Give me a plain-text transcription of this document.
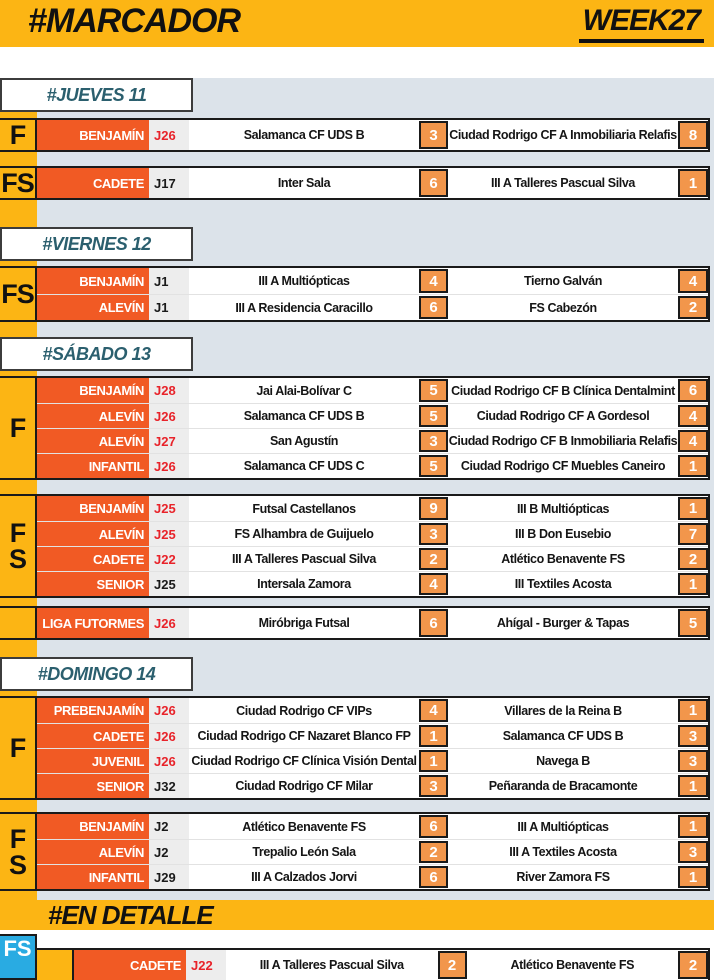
#MARCADOR	WEEK27
#JUEVES 11
F	BENJAMÍN J26	Salamanca CF UDS B	3 Ciudad Rodrigo CF A Inmobiliaria Relafis 8
FS	CADETE J17	Inter Sala	6	III A Talleres Pascual Silva	1
#VIERNES 12
FS	BENJAMÍN J1	III A Multiópticas	4	Tierno Galván	4
ALEVÍN J1	III A Residencia Caracillo	6	FS Cabezón	2
#SÁBADO 13
F
BENJAMÍN J28	Jai Alai-Bolívar C	5	Ciudad Rodrigo CF B Clínica Dentalmint 6
ALEVÍN J26	Salamanca CF UDS B	5	Ciudad Rodrigo CF A Gordesol	4
ALEVÍN J27	San Agustín	3 Ciudad Rodrigo CF B Inmobiliaria Relafis 4
INFANTIL J26	Salamanca CF UDS C	5	Ciudad Rodrigo CF Muebles Caneiro	1
F
S
BENJAMÍN J25	Futsal Castellanos	9	III B Multiópticas	1
ALEVÍN J25	FS Alhambra de Guijuelo	3	III B Don Eusebio	7
CADETE J22	III A Talleres Pascual Silva	2	Atlético Benavente FS	2
SENIOR J25	Intersala Zamora	4	III Textiles Acosta	1
LIGA FUTORMES J26	Miróbriga Futsal	6	Ahígal - Burger & Tapas	5
#DOMINGO 14
F
PREBENJAMÍN J26	Ciudad Rodrigo CF VIPs	4	Villares de la Reina B	1
CADETE J26	Ciudad Rodrigo CF Nazaret Blanco FP	1	Salamanca CF UDS B	3
JUVENIL J26	Ciudad Rodrigo CF Clínica Visión Dental 1	Navega B	3
SENIOR J32	Ciudad Rodrigo CF Milar	3	Peñaranda de Bracamonte	1
F
S
BENJAMÍN J2	Atlético Benavente FS	6	III A Multiópticas	1
ALEVÍN J2	Trepalio León Sala	2	III A Textiles Acosta	3
INFANTIL J29	III A Calzados Jorvi	6	River Zamora FS	1
#EN DETALLE
FS
CADETE J22	III A Talleres Pascual Silva	2	Atlético Benavente FS	2
